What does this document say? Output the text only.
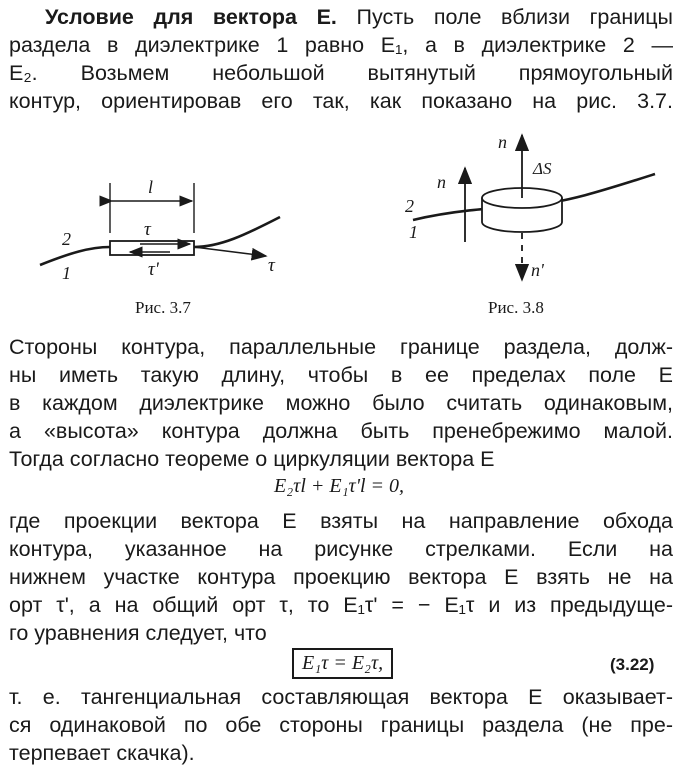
Условие для вектора E. Пусть поле вблизи границы
раздела в диэлектрике 1 равно E₁, а в диэлектрике 2 —
E₂. Возьмем небольшой вытянутый прямоугольный
контур, ориентировав его так, как показано на рис. 3.7.
l
τ
τ'	τ
2
1
Рис. 3.7
n
n
ΔS
n'
2
1
Рис. 3.8
Стороны контура, параллельные границе раздела, долж-
ны иметь такую длину, чтобы в ее пределах поле E
в каждом диэлектрике можно было считать одинаковым,
а «высота» контура должна быть пренебрежимо малой.
Тогда согласно теореме о циркуляции вектора E
E₂τl + E₁τ'l = 0,
где проекции вектора E взяты на направление обхода
контура, указанное на рисунке стрелками. Если на
нижнем участке контура проекцию вектора E взять не на
орт τ', а на общий орт τ, то E₁τ' = − E₁τ и из предыдуще-
го уравнения следует, что
E₁τ = E₂τ,	(3.22)
т. е. тангенциальная составляющая вектора E оказывает-
ся одинаковой по обе стороны границы раздела (не пре-
терпевает скачка).
